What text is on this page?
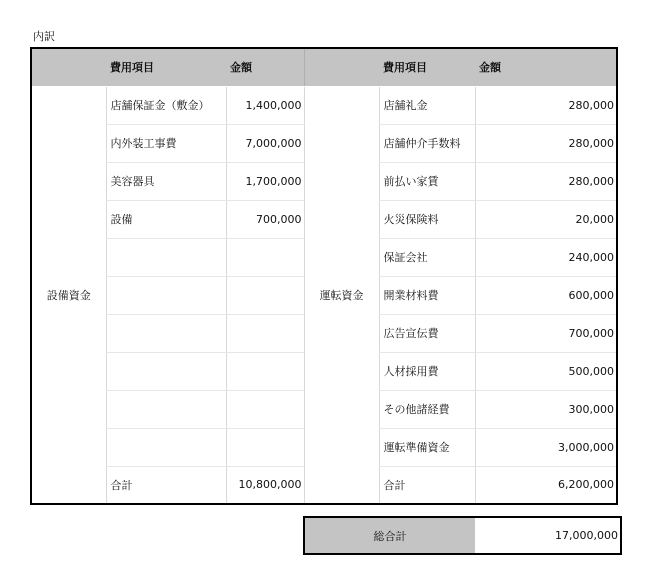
内訳
	費用項目	金額		費用項目	金額
設備資金	店舗保証金（敷金）	1,400,000	運転資金	店舗礼金	280,000
	内外装工事費	7,000,000		店舗仲介手数料	280,000
	美容器具	1,700,000		前払い家賃	280,000
	設備	700,000		火災保険料	20,000
				保証会社	240,000
				開業材料費	600,000
				広告宣伝費	700,000
				人材採用費	500,000
				その他諸経費	300,000
				運転準備資金	3,000,000
	合計	10,800,000		合計	6,200,000
総合計	17,000,000
